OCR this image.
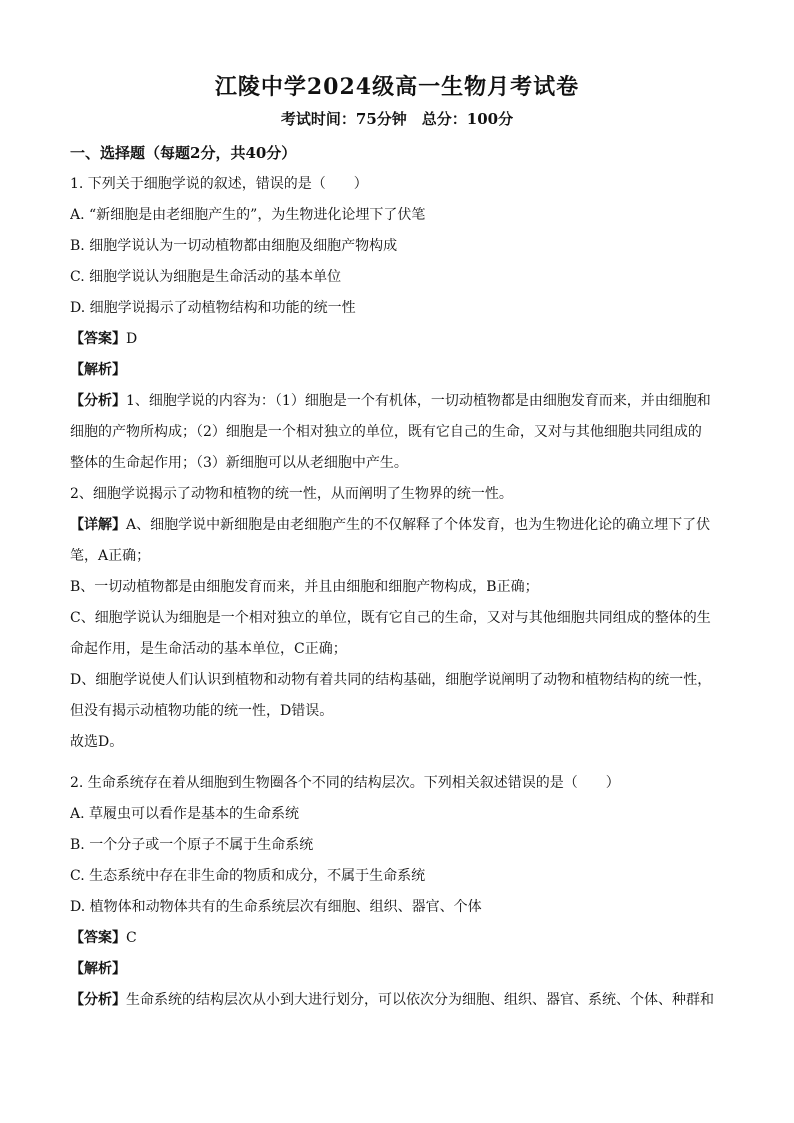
江陵中学2024级高一生物月考试卷
考试时间：75分钟　总分：100分
一、选择题（每题2分，共40分）
1. 下列关于细胞学说的叙述，错误的是（　　）
A. “新细胞是由老细胞产生的”，为生物进化论埋下了伏笔
B. 细胞学说认为一切动植物都由细胞及细胞产物构成
C. 细胞学说认为细胞是生命活动的基本单位
D. 细胞学说揭示了动植物结构和功能的统一性
【答案】D
【解析】
【分析】1、细胞学说的内容为：（1）细胞是一个有机体，一切动植物都是由细胞发育而来，并由细胞和
细胞的产物所构成；（2）细胞是一个相对独立的单位，既有它自己的生命，又对与其他细胞共同组成的
整体的生命起作用；（3）新细胞可以从老细胞中产生。
2、细胞学说揭示了动物和植物的统一性，从而阐明了生物界的统一性。
【详解】A、细胞学说中新细胞是由老细胞产生的不仅解释了个体发育，也为生物进化论的确立埋下了伏
笔，A正确；
B、一切动植物都是由细胞发育而来，并且由细胞和细胞产物构成，B正确；
C、细胞学说认为细胞是一个相对独立的单位，既有它自己的生命，又对与其他细胞共同组成的整体的生
命起作用，是生命活动的基本单位，C正确；
D、细胞学说使人们认识到植物和动物有着共同的结构基础，细胞学说阐明了动物和植物结构的统一性，
但没有揭示动植物功能的统一性，D错误。
故选D。
2. 生命系统存在着从细胞到生物圈各个不同的结构层次。下列相关叙述错误的是（　　）
A. 草履虫可以看作是基本的生命系统
B. 一个分子或一个原子不属于生命系统
C. 生态系统中存在非生命的物质和成分，不属于生命系统
D. 植物体和动物体共有的生命系统层次有细胞、组织、器官、个体
【答案】C
【解析】
【分析】生命系统的结构层次从小到大进行划分，可以依次分为细胞、组织、器官、系统、个体、种群和
